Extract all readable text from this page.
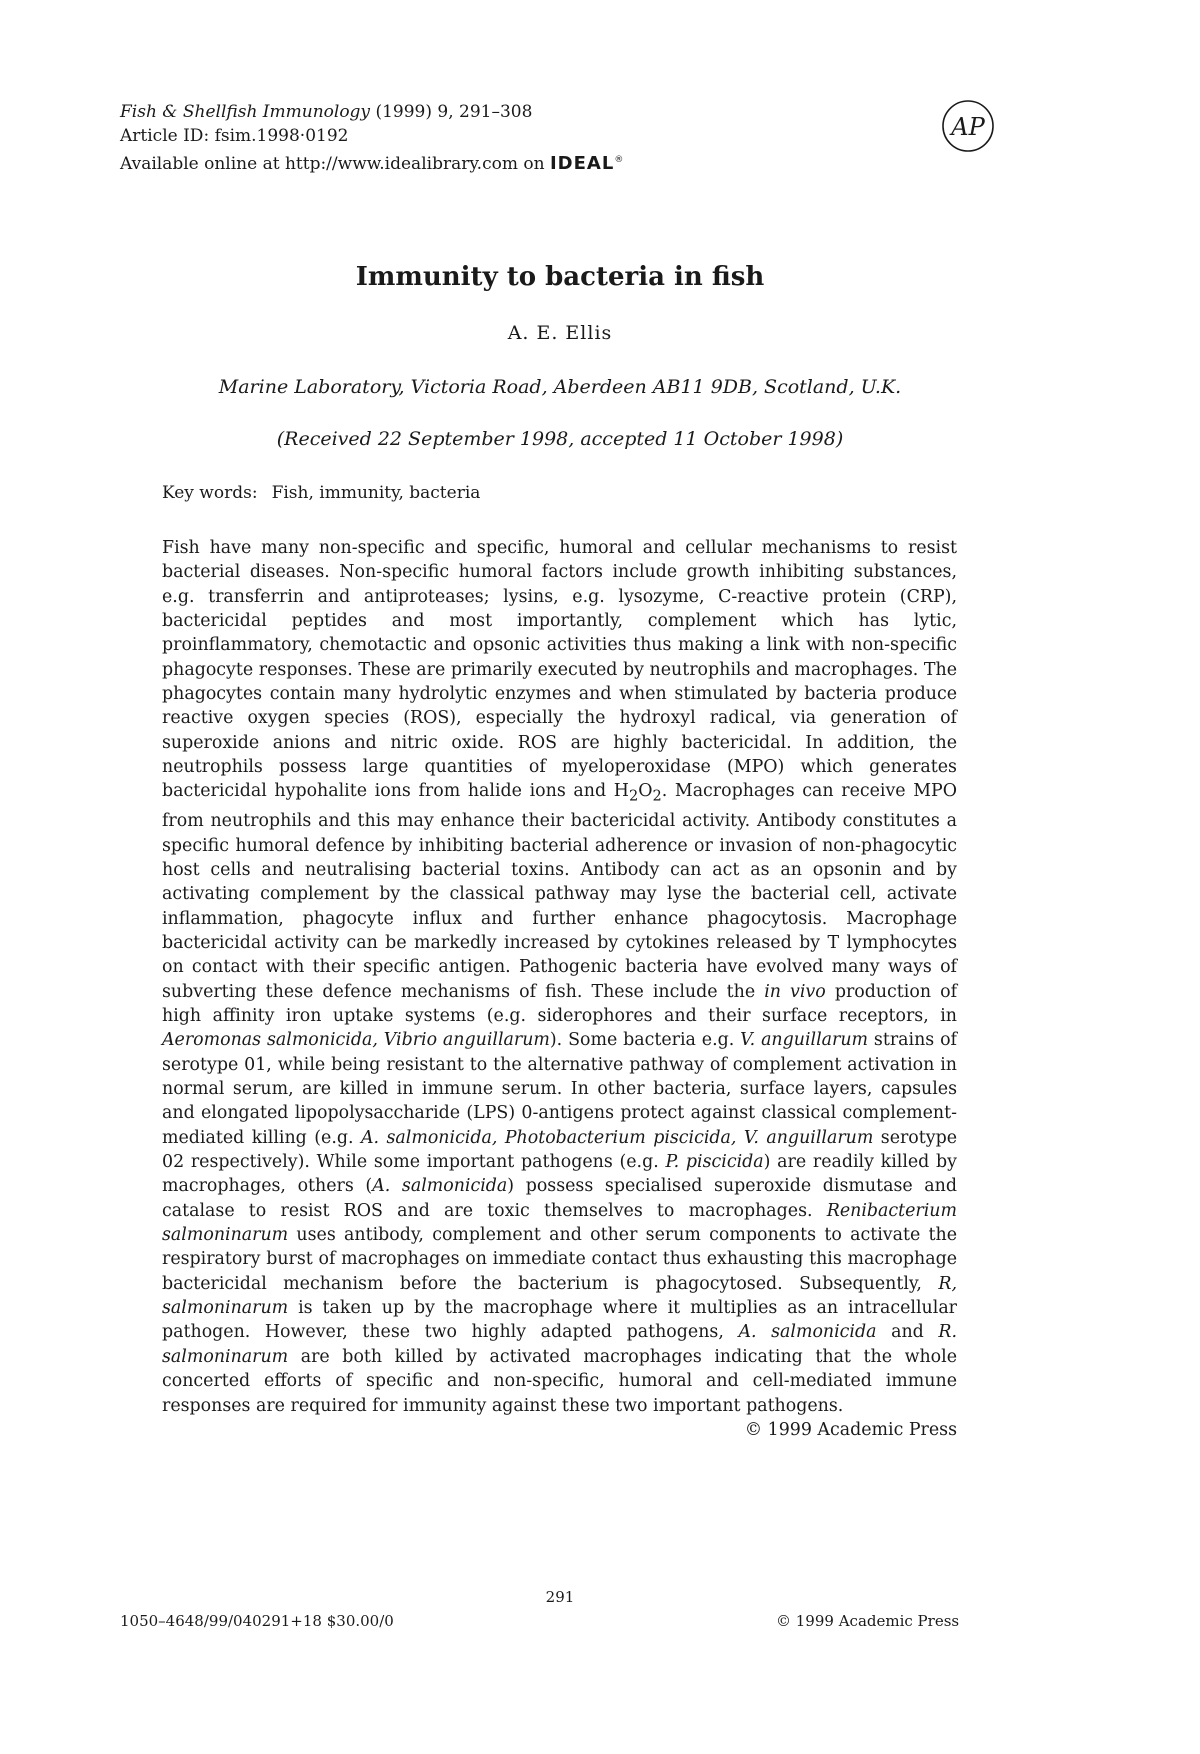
Fish & Shellfish Immunology (1999) 9, 291–308
Article ID: fsim.1998·0192
Available online at http://www.idealibrary.com on IDEAL®
AP
Immunity to bacteria in fish
A. E. Ellis
Marine Laboratory, Victoria Road, Aberdeen AB11 9DB, Scotland, U.K.
(Received 22 September 1998, accepted 11 October 1998)
Key words: Fish, immunity, bacteria

Fish have many non-specific and specific, humoral and cellular mechanisms to resist bacterial diseases. Non-specific humoral factors include growth inhibiting substances, e.g. transferrin and antiproteases; lysins, e.g. lysozyme, C-reactive protein (CRP), bactericidal peptides and most importantly, complement which has lytic, proinflammatory, chemotactic and opsonic activities thus making a link with non-specific phagocyte responses. These are primarily executed by neutrophils and macrophages. The phagocytes contain many hydrolytic enzymes and when stimulated by bacteria produce reactive oxygen species (ROS), especially the hydroxyl radical, via generation of superoxide anions and nitric oxide. ROS are highly bactericidal. In addition, the neutrophils possess large quantities of myeloperoxidase (MPO) which generates bactericidal hypohalite ions from halide ions and $H_2O_2$. Macrophages can receive MPO from neutrophils and this may enhance their bactericidal activity. Antibody constitutes a specific humoral defence by inhibiting bacterial adherence or invasion of non-phagocytic host cells and neutralising bacterial toxins. Antibody can act as an opsonin and by activating complement by the classical pathway may lyse the bacterial cell, activate inflammation, phagocyte influx and further enhance phagocytosis. Macrophage bactericidal activity can be markedly increased by cytokines released by T lymphocytes on contact with their specific antigen. Pathogenic bacteria have evolved many ways of subverting these defence mechanisms of fish. These include the in vivo production of high affinity iron uptake systems (e.g. siderophores and their surface receptors, in Aeromonas salmonicida, Vibrio anguillarum). Some bacteria e.g. V. anguillarum strains of serotype 01, while being resistant to the alternative pathway of complement activation in normal serum, are killed in immune serum. In other bacteria, surface layers, capsules and elongated lipopolysaccharide (LPS) 0-antigens protect against classical complement-mediated killing (e.g. A. salmonicida, Photobacterium piscicida, V. anguillarum serotype 02 respectively). While some important pathogens (e.g. P. piscicida) are readily killed by macrophages, others (A. salmonicida) possess specialised superoxide dismutase and catalase to resist ROS and are toxic themselves to macrophages. Renibacterium salmoninarum uses antibody, complement and other serum components to activate the respiratory burst of macrophages on immediate contact thus exhausting this macrophage bactericidal mechanism before the bacterium is phagocytosed. Subsequently, R, salmoninarum is taken up by the macrophage where it multiplies as an intracellular pathogen. However, these two highly adapted pathogens, A. salmonicida and R. salmoninarum are both killed by activated macrophages indicating that the whole concerted efforts of specific and non-specific, humoral and cell-mediated immune responses are required for immunity against these two important pathogens.
© 1999 Academic Press

291
1050–4648/99/040291+18 $30.00/0	© 1999 Academic Press
